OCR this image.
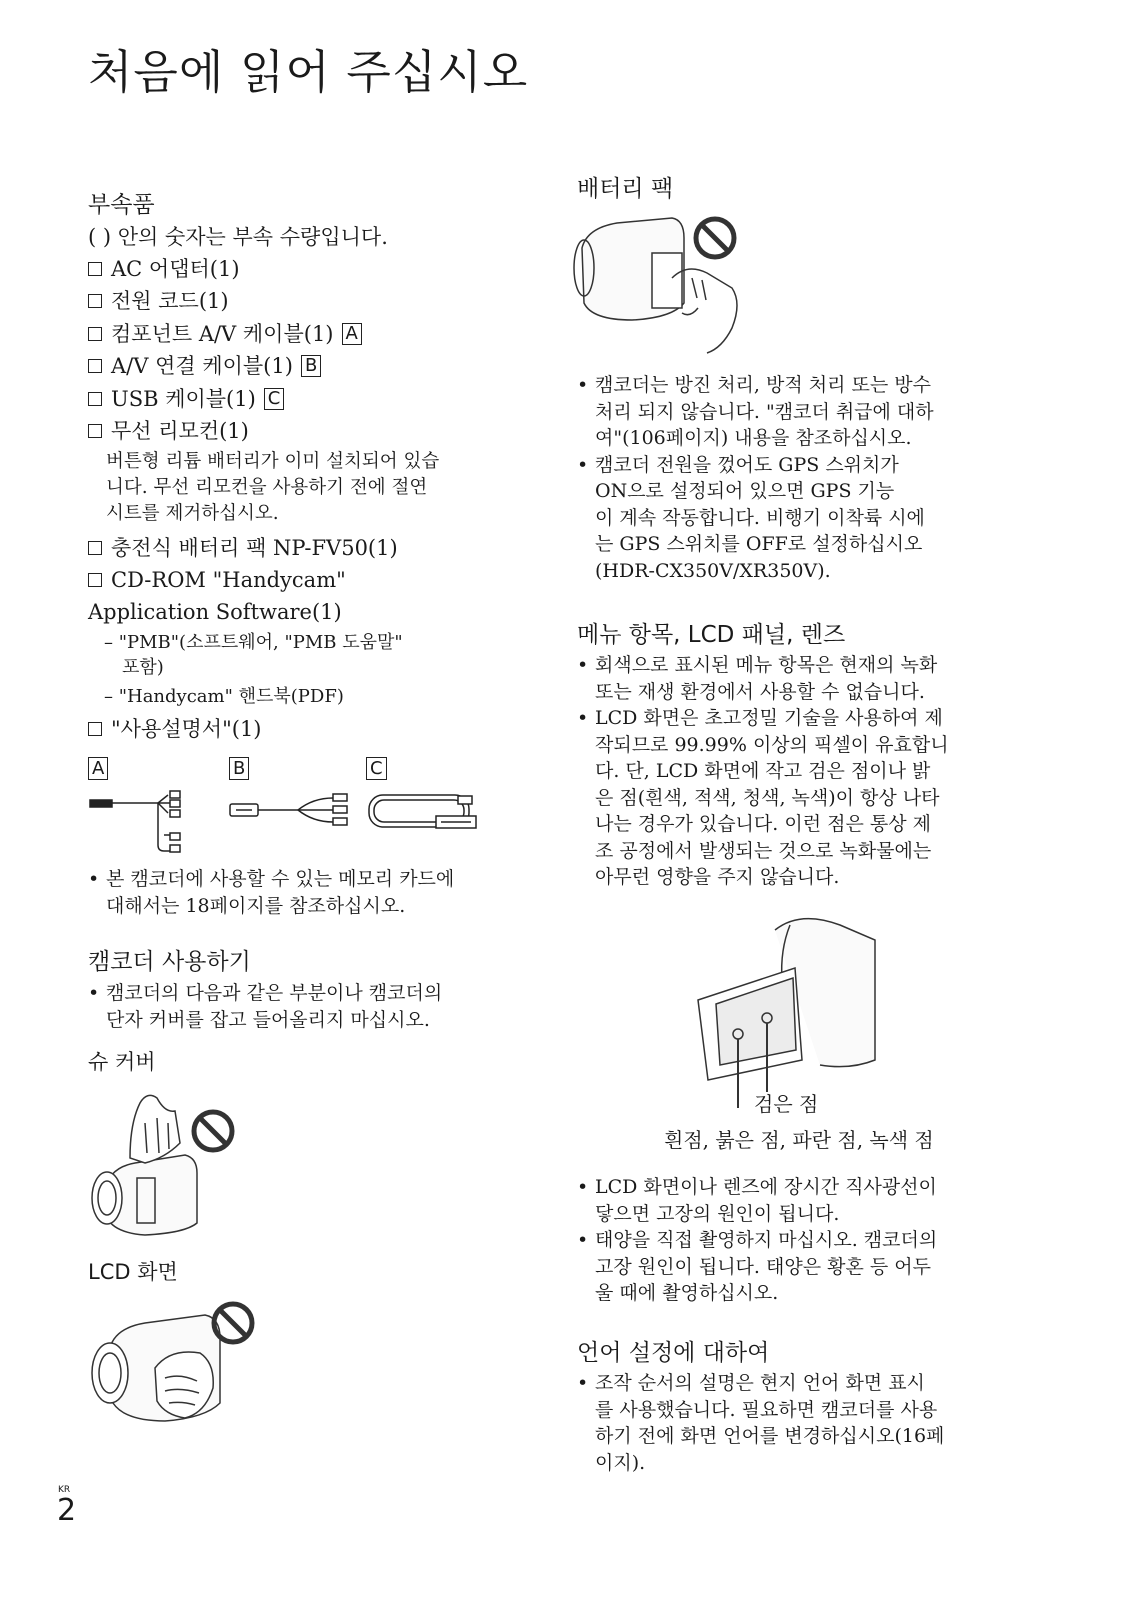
처음에 읽어 주십시오
부속품
( ) 안의 숫자는 부속 수량입니다.
AC 어댑터(1)
전원 코드(1)
컴포넌트 A/V 케이블(1) A
A/V 연결 케이블(1) B
USB 케이블(1) C
무선 리모컨(1)

버튼형 리튬 배터리가 이미 설치되어 있습

니다. 무선 리모컨을 사용하기 전에 절연

시트를 제거하십시오.

충전식 배터리 팩 NP-FV50(1)
CD-ROM "Handycam"
Application Software(1)
– "PMB"(소프트웨어, "PMB 도움말"
포함)
– "Handycam" 핸드북(PDF)
"사용설명서"(1)
A	B	C

• 본 캠코더에 사용할 수 있는 메모리 카드에

대해서는 18페이지를 참조하십시오.

캠코더 사용하기

• 캠코더의 다음과 같은 부분이나 캠코더의

단자 커버를 잡고 들어올리지 마십시오.

슈 커버
LCD 화면
배터리 팩

• 캠코더는 방진 처리, 방적 처리 또는 방수

처리 되지 않습니다. "캠코더 취급에 대하

여"(106페이지) 내용을 참조하십시오.

• 캠코더 전원을 껐어도 GPS 스위치가

ON으로 설정되어 있으면 GPS 기능

이 계속 작동합니다. 비행기 이착륙 시에

는 GPS 스위치를 OFF로 설정하십시오

(HDR-CX350V/XR350V).

메뉴 항목, LCD 패널, 렌즈

• 회색으로 표시된 메뉴 항목은 현재의 녹화

또는 재생 환경에서 사용할 수 없습니다.

• LCD 화면은 초고정밀 기술을 사용하여 제

작되므로 99.99% 이상의 픽셀이 유효합니

다. 단, LCD 화면에 작고 검은 점이나 밝

은 점(흰색, 적색, 청색, 녹색)이 항상 나타

나는 경우가 있습니다. 이런 점은 통상 제

조 공정에서 발생되는 것으로 녹화물에는

아무런 영향을 주지 않습니다.

검은 점
흰점, 붉은 점, 파란 점, 녹색 점

• LCD 화면이나 렌즈에 장시간 직사광선이

닿으면 고장의 원인이 됩니다.

• 태양을 직접 촬영하지 마십시오. 캠코더의

고장 원인이 됩니다. 태양은 황혼 등 어두

울 때에 촬영하십시오.

언어 설정에 대하여

• 조작 순서의 설명은 현지 언어 화면 표시

를 사용했습니다. 필요하면 캠코더를 사용

하기 전에 화면 언어를 변경하십시오(16페

이지).

KR
2
